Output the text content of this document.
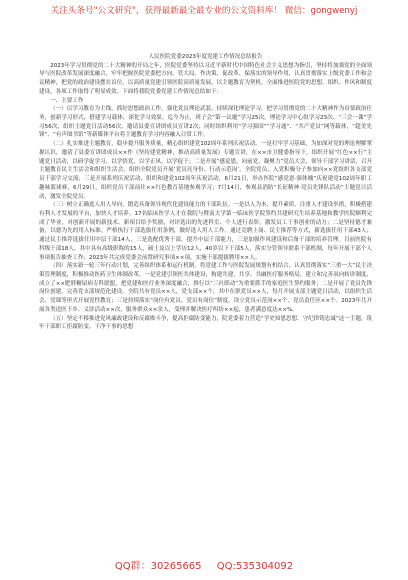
关注头条号"公文研究"，获得最新最全最专业的公文资料库！ 微信：gongwenyj

人民医院党委2023年度党建工作情况总结报告

2023年学习贯彻党的二十大精神的开局之年，医院党委坚持以习近平新时代中国特色社会主义思想为指引，坚持将加强党的全面领导与医院改革发展深度融合，牢牢把握医院党委把方向、管大局、作决策、促改革、保落实的领导作用，认真贯彻落实上级党委工作和会议精神，把党的政治建设摆在首位，以高质量党建引领医院高质量发展，以主题教育为契机，全面推进医院党的思想、组织、作风和制度建设，各项工作取得了明显成效。下面将我院党委党建工作情况总结如下：

一、主要工作

（一）以学习教育为主线，抓好思想政治工作，强化党员理论武装。持续深化理论学习，把学习贯彻党的二十大精神作为首要政治任务，创新学习形式，搭建学习载体，深化学习效果。迄今为止，班子会“第一议题”学习25次，理论学习中心组学习23次、“三会一课”学习56次，组织主题党日活动56次，邀请县委宣讲团成员宣讲2次；同时组织利用“学习强国”“学习通”、“共产党员”网等载体，“超美先锋”、“有声图书馆”等新媒体平台将主题教育学习内容融入日常工作。

（二）扎实推进主题教育，稳步提升服务质量，精心组织建党102周年系列庆祝活动。一是打牢学习基础，为加深对党的理论理解掌握认识，邀请了县委宣讲团成员××作《坚持建党精神，推动高质量发展》专题宣讲，在××市卫健委指导下，组织开展“红色××行”主题党日活动，以研学促学习，以学悟党，以学正风、以学促干；二是开展“感觉恩，向前党，凝聚力”党员大会、领导干部学习讲话，召开主题教育民主生活会和组织生活会，组织全院党员开展‘党员亮身份、行动示范岗’，全院党员、入党积极分子参加向××党组织各支部党员干部学习交流；三是开展系列庆祝活动，组织和建党102周年庆祝活动，6月21日，举办医院“感党恩·强体魄”庆祝建党102周年职工趣味篮球赛，6月29日，组织党员干部前往××红色教育基地参观学习；7月14日，参观县消防“长征精神·党员先锋队活动”主题党日活动，激发全院党员。

（三）树立正确选人用人导向，锻造具备领导现代化建设能力的干部队伍。一是以人为本，提升素质。注重人才建设举措，积极搭建有利人才发展的平台，加快人才培养。17名临床医学人才在我院与暨南大学第一临床医学院签约共建研究生培养基地和教学医院顺利完成了毕业，对创新开展的新技术、新项目给予奖励，对评选出的先进科室、个人进行表彰，激发员工干事创业的动力；二是坚持德才兼备，以德为先的用人标准，严格执行干部选拔任用条例，做好选人用人工作。通过竞聘上岗、民主推荐等方式，新选拔任用干部43人；通过民主推荐选拔任用中层干部14人，三是选配优秀干部，提升中层干部能力，三是加强作风建设和后备干部的培养管理。目前医院有科级干部18人，其中具有高级职称的15人，硕士及以上学历12人，40岁以下干部5人，落实分管领导联系干部机制，每年开展干部个人事项报告抽查工作；2023年共完成党委会前置研究事项××项，实施干部提拔聘用××人。

（四）落实新一轮三年行动计划，完善组织体系和运行机制。将党建工作与医院发展规划有机结合，认真贯彻落实“三重一大”民主决策管理制度，积极推动医药卫生体制改革，一是党建引领医共体建设，构建共建、共享、共融医疗服务格局，建立和完善双向转诊制度，成立了××肥胖糖尿病专科联盟，把党建和医疗业务深度融合，推行以“三社联动”为重要抓手的家庭医生签约服务；二是开展了党员先锋岗位创建，完善党支部规范化建设，全院共有党员××人，党支部××个，其中在职党员××人，每月开展支部主题党日活动，以组织生活会、党课等形式开展党性教育；三是持续落实“岗位有党员、党员有岗位”制度，设立党员示范岗××个、党员责任区××个。2023年共开展各类送医下乡、义诊活动××次，服务群众××余人，受理并解决医疗纠纷××起，患者满意度达××%。

（五）坚定不移推进党风廉政建设和反腐败斗争，提高拒腐防变能力，院党委着力营造“学史知恩思想、守纪律铸忠诚”这一主题，筑牢干部职工拒腐防变、干净干事的思想

QQ群：30265665 QQ:535304092
